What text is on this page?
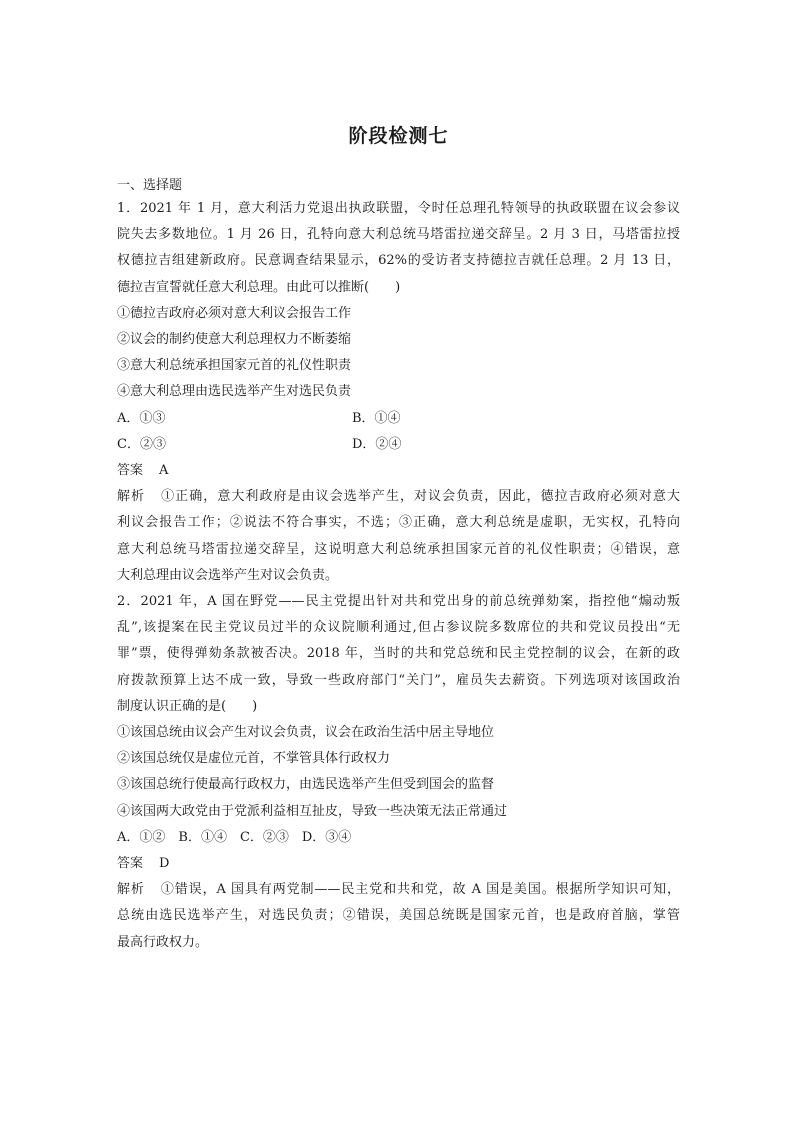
阶段检测七
一、选择题

1．2021 年 1 月，意大利活力党退出执政联盟，令时任总理孔特领导的执政联盟在议会参议

院失去多数地位。1 月 26 日，孔特向意大利总统马塔雷拉递交辞呈。2 月 3 日，马塔雷拉授

权德拉吉组建新政府。民意调查结果显示，62%的受访者支持德拉吉就任总理。2 月 13 日，

德拉吉宣誓就任意大利总理。由此可以推断(　　)

①德拉吉政府必须对意大利议会报告工作

②议会的制约使意大利总理权力不断萎缩

③意大利总统承担国家元首的礼仪性职责

④意大利总理由选民选举产生对选民负责

A．①③	B．①④

C．②③	D．②④

答案 A

解析 ①正确，意大利政府是由议会选举产生，对议会负责，因此，德拉吉政府必须对意大

利议会报告工作；②说法不符合事实，不选；③正确，意大利总统是虚职，无实权，孔特向

意大利总统马塔雷拉递交辞呈，这说明意大利总统承担国家元首的礼仪性职责；④错误，意

大利总理由议会选举产生对议会负责。

2．2021 年，A 国在野党——民主党提出针对共和党出身的前总统弹劾案，指控他“煽动叛

乱”,该提案在民主党议员过半的众议院顺利通过,但占参议院多数席位的共和党议员投出“无

罪”票，使得弹劾条款被否决。2018 年，当时的共和党总统和民主党控制的议会，在新的政

府拨款预算上达不成一致，导致一些政府部门“关门”，雇员失去薪资。下列选项对该国政治

制度认识正确的是(　　)

①该国总统由议会产生对议会负责，议会在政治生活中居主导地位

②该国总统仅是虚位元首，不掌管具体行政权力

③该国总统行使最高行政权力，由选民选举产生但受到国会的监督

④该国两大政党由于党派利益相互扯皮，导致一些决策无法正常通过

A．①②　B．①④　C．②③　D．③④

答案 D

解析 ①错误，A 国具有两党制——民主党和共和党，故 A 国是美国。根据所学知识可知，

总统由选民选举产生，对选民负责；②错误，美国总统既是国家元首，也是政府首脑，掌管

最高行政权力。
